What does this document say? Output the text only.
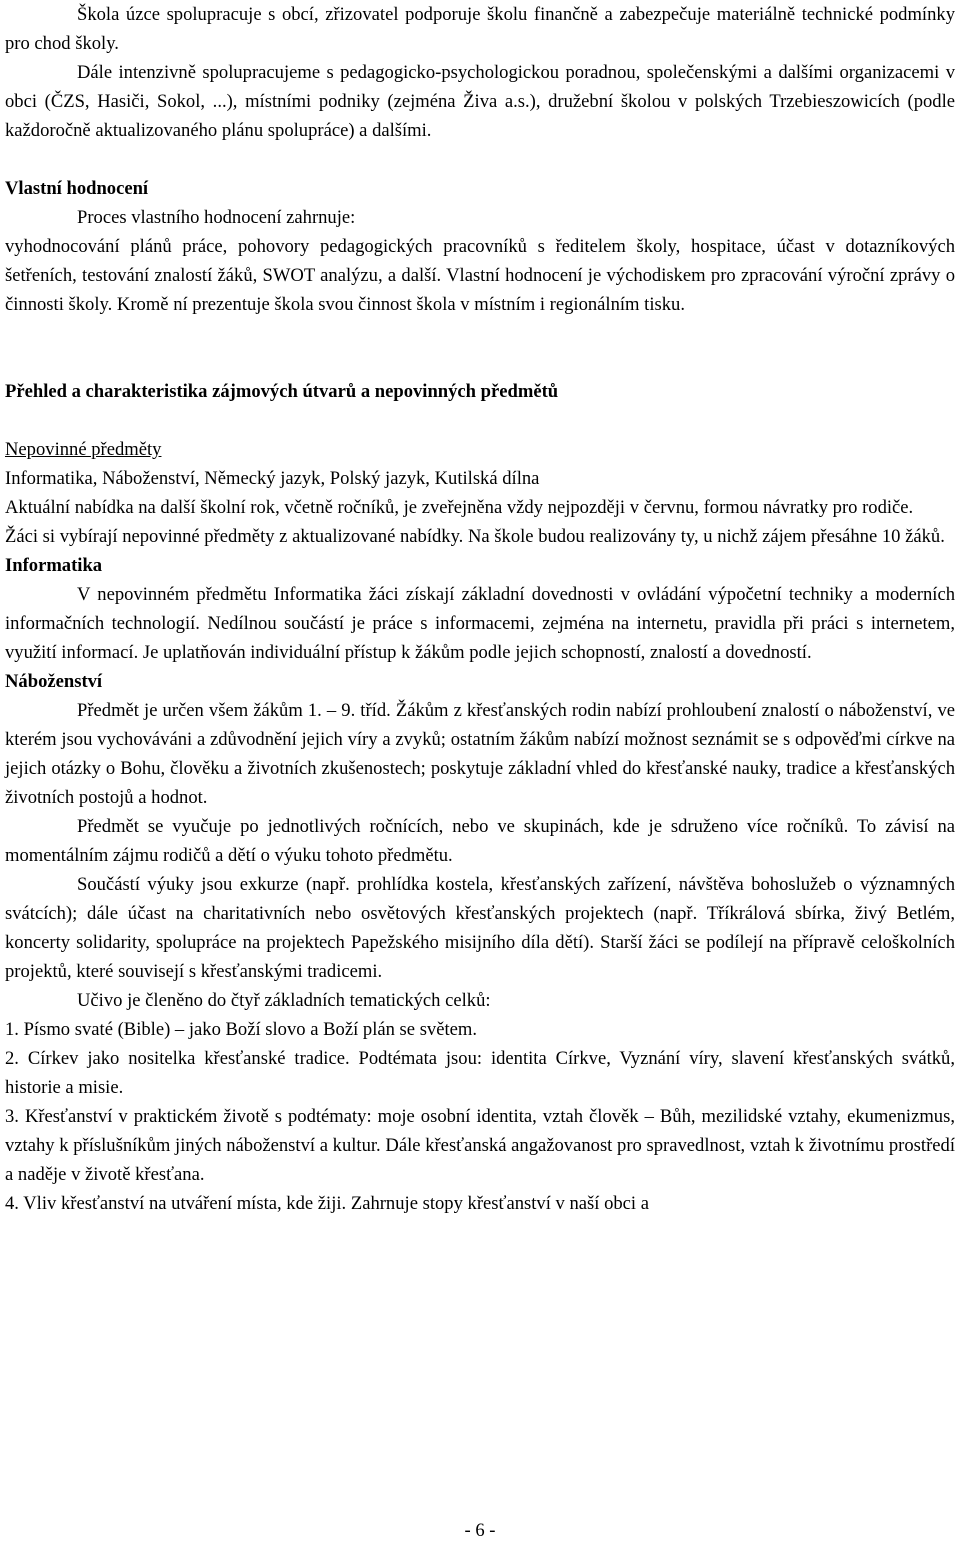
Škola úzce spolupracuje s obcí, zřizovatel podporuje školu finančně a zabezpečuje materiálně technické podmínky pro chod školy.

Dále intenzivně spolupracujeme s pedagogicko-psychologickou poradnou, společenskými a dalšími organizacemi v obci (ČZS, Hasiči, Sokol, ...), místními podniky (zejména Živa a.s.), družební školou v polských Trzebieszowicích (podle každoročně aktualizovaného plánu spolupráce) a dalšími.

Vlastní hodnocení

Proces vlastního hodnocení zahrnuje:

vyhodnocování plánů práce, pohovory pedagogických pracovníků s ředitelem školy, hospitace, účast v dotazníkových šetřeních, testování znalostí žáků, SWOT analýzu, a další. Vlastní hodnocení je východiskem pro zpracování výroční zprávy o činnosti školy. Kromě ní prezentuje škola svou činnost škola v místním i regionálním tisku.

Přehled a charakteristika zájmových útvarů a nepovinných předmětů

Nepovinné předměty

Informatika, Náboženství, Německý jazyk, Polský jazyk, Kutilská dílna

Aktuální nabídka na další školní rok, včetně ročníků, je zveřejněna vždy nejpozději v červnu, formou návratky pro rodiče.

Žáci si vybírají nepovinné předměty z aktualizované nabídky. Na škole budou realizovány ty, u nichž zájem přesáhne 10 žáků.

Informatika

V nepovinném předmětu Informatika žáci získají základní dovednosti v ovládání výpočetní techniky a moderních informačních technologií. Nedílnou součástí je práce s informacemi, zejména na internetu, pravidla při práci s internetem, využití informací. Je uplatňován individuální přístup k žákům podle jejich schopností, znalostí a dovedností.

Náboženství

Předmět je určen všem žákům 1. – 9. tříd. Žákům z křesťanských rodin nabízí prohloubení znalostí o náboženství, ve kterém jsou vychováváni a zdůvodnění jejich víry a zvyků; ostatním žákům nabízí možnost seznámit se s odpověďmi církve na jejich otázky o Bohu, člověku a životních zkušenostech; poskytuje základní vhled do křesťanské nauky, tradice a křesťanských životních postojů a hodnot.

Předmět se vyučuje po jednotlivých ročnících, nebo ve skupinách, kde je sdruženo více ročníků. To závisí na momentálním zájmu rodičů a dětí o výuku tohoto předmětu.

Součástí výuky jsou exkurze (např. prohlídka kostela, křesťanských zařízení, návštěva bohoslužeb o významných svátcích); dále účast na charitativních nebo osvětových křesťanských projektech (např. Tříkrálová sbírka, živý Betlém, koncerty solidarity, spolupráce na projektech Papežského misijního díla dětí). Starší žáci se podílejí na přípravě celoškolních projektů, které souvisejí s křesťanskými tradicemi.

Učivo je členěno do čtyř základních tematických celků:

1. Písmo svaté (Bible) – jako Boží slovo a Boží plán se světem.

2. Církev jako nositelka křesťanské tradice. Podtémata jsou: identita Církve, Vyznání víry, slavení křesťanských svátků, historie a misie.

3. Křesťanství v praktickém životě s podtématy: moje osobní identita, vztah člověk – Bůh, mezilidské vztahy, ekumenizmus, vztahy k příslušníkům jiných náboženství a kultur. Dále křesťanská angažovanost pro spravedlnost, vztah k životnímu prostředí a naděje v životě křesťana.

4. Vliv křesťanství na utváření místa, kde žiji. Zahrnuje stopy křesťanství v naší obci a

- 6 -
